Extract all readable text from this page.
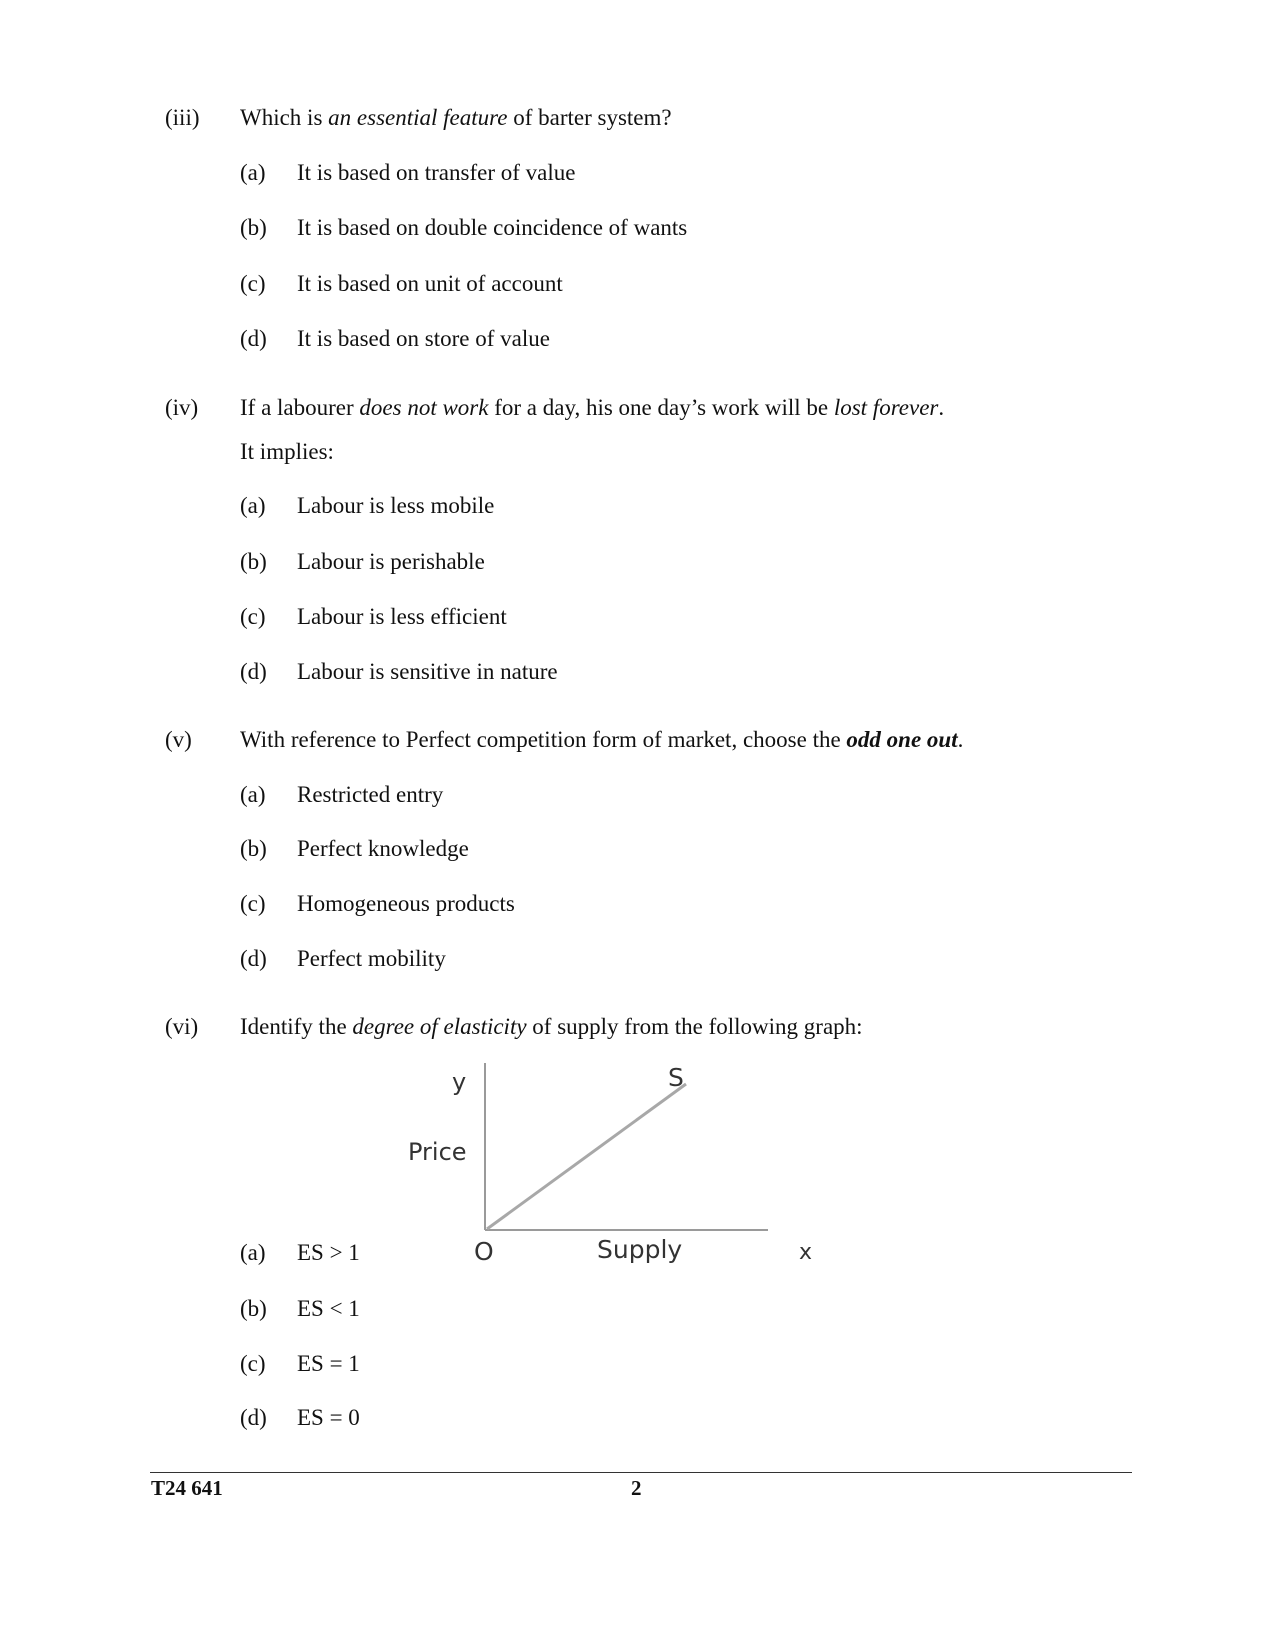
(iii) Which is an essential feature of barter system?
(a) It is based on transfer of value
(b) It is based on double coincidence of wants
(c) It is based on unit of account
(d) It is based on store of value
(iv) If a labourer does not work for a day, his one day’s work will be lost forever.
It implies:
(a) Labour is less mobile
(b) Labour is perishable
(c) Labour is less efficient
(d) Labour is sensitive in nature
(v) With reference to Perfect competition form of market, choose the odd one out.
(a) Restricted entry
(b) Perfect knowledge
(c) Homogeneous products
(d) Perfect mobility
(vi) Identify the degree of elasticity of supply from the following graph:
y	S
Price
O	Supply	x
(a) ES > 1
(b) ES < 1
(c) ES = 1
(d) ES = 0
T24 641	2
